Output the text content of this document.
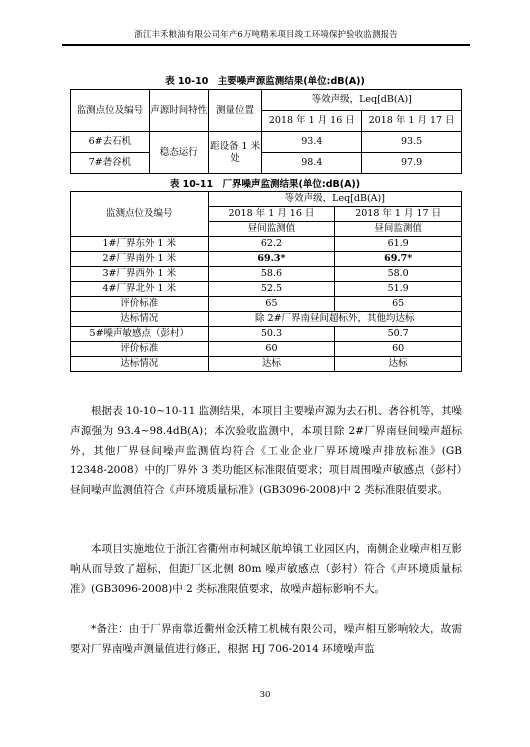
浙江丰禾粮油有限公司年产6万吨精米项目竣工环境保护验收监测报告
表 10-10　主要噪声源监测结果(单位:dB(A))
监测点位及编号	声源时间特性	测量位置	等效声级，Leq[dB(A)]	
			2018 年 1 月 16 日	2018 年 1 月 17 日
6#去石机	稳态运行	距设备 1 米处	93.4	93.5
7#砻谷机			98.4	97.9
表 10-11　厂界噪声监测结果(单位:dB(A))
监测点位及编号	等效声级，Leq[dB(A)]	
	2018 年 1 月 16 日	2018 年 1 月 17 日
	昼间监测值	昼间监测值
1#厂界东外 1 米	62.2	61.9
2#厂界南外 1 米	69.3*	69.7*
3#厂界西外 1 米	58.6	58.0
4#厂界北外 1 米	52.5	51.9
评价标准	65	65
达标情况	除 2#厂界南昼间超标外，其他均达标	
5#噪声敏感点（彭村）	50.3	50.7
评价标准	60	60
达标情况	达标	达标

根据表 10-10~10-11 监测结果，本项目主要噪声源为去石机、砻谷机等，其噪声源强为 93.4~98.4dB(A)；本次验收监测中，本项目除 2#厂界南昼间噪声超标外，其他厂界昼间噪声监测值均符合《工业企业厂界环境噪声排放标准》(GB 12348-2008）中的厂界外 3 类功能区标准限值要求；项目周围噪声敏感点（彭村）昼间噪声监测值符合《声环境质量标准》(GB3096-2008)中 2 类标准限值要求。

本项目实施地位于浙江省衢州市柯城区航埠镇工业园区内，南侧企业噪声相互影响从而导致了超标，但距厂区北侧 80m 噪声敏感点（彭村）符合《声环境质量标准》(GB3096-2008)中 2 类标准限值要求，故噪声超标影响不大。

*备注：由于厂界南靠近衢州金沃精工机械有限公司，噪声相互影响较大，故需要对厂界南噪声测量值进行修正，根据 HJ 706-2014 环境噪声监

30
